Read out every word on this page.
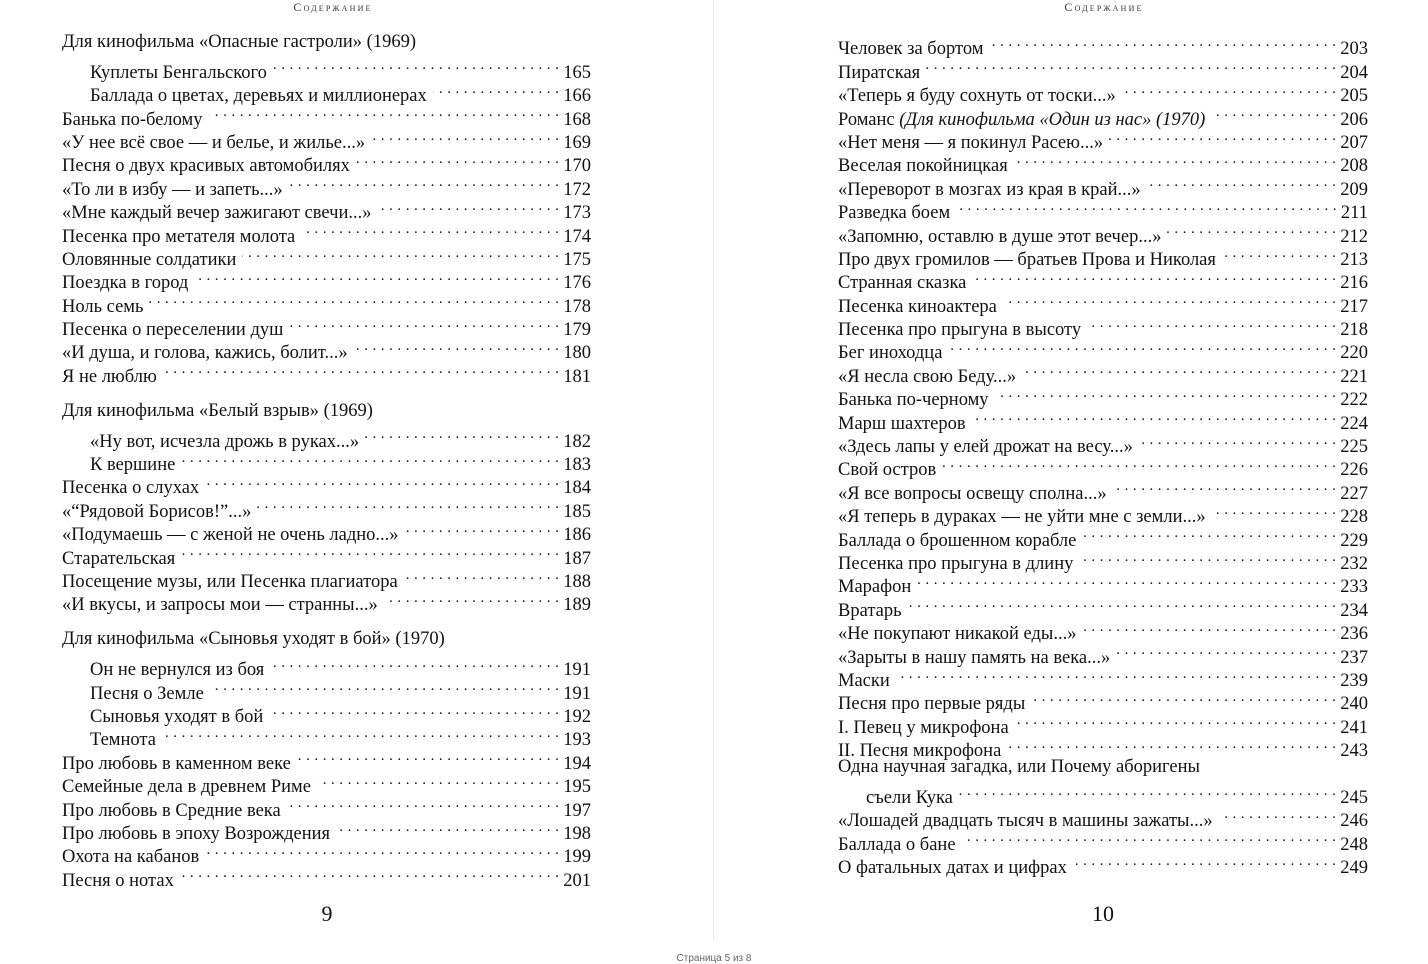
Содержание
Для кинофильма «Опасные гастроли» (1969)
Куплеты Бенгальского . . .	165
Баллада о цветах, деревьях и миллионерах . . .	166
Банька по-белому . . .	168
«У нее всё свое — и белье, и жилье...» . . .	169
Песня о двух красивых автомобилях . . .	170
«То ли в избу — и запеть...» . . .	172
«Мне каждый вечер зажигают свечи...» . . .	173
Песенка про метателя молота . . .	174
Оловянные солдатики . . .	175
Поездка в город . . .	176
Ноль семь . . .	178
Песенка о переселении душ . . .	179
«И душа, и голова, кажись, болит...» . . .	180
Я не люблю . . .	181
Для кинофильма «Белый взрыв» (1969)
«Ну вот, исчезла дрожь в руках...» . . .	182
К вершине . . .	183
Песенка о слухах . . .	184
«“Рядовой Борисов!”...» . . .	185
«Подумаешь — с женой не очень ладно...» . . .	186
Старательская . . .	187
Посещение музы, или Песенка плагиатора . . .	188
«И вкусы, и запросы мои — странны...» . . .	189
Для кинофильма «Сыновья уходят в бой» (1970)
Он не вернулся из боя . . .	191
Песня о Земле . . .	191
Сыновья уходят в бой . . .	192
Темнота . . .	193
Про любовь в каменном веке . . .	194
Семейные дела в древнем Риме . . .	195
Про любовь в Средние века . . .	197
Про любовь в эпоху Возрождения . . .	198
Охота на кабанов . . .	199
Песня о нотах . . .	201
9
Содержание
Человек за бортом . . .	203
Пиратская . . .	204
«Теперь я буду сохнуть от тоски...» . . .	205
Романс (Для кинофильма «Один из нас» (1970) . . .	206
«Нет меня — я покинул Расею...» . . .	207
Веселая покойницкая . . .	208
«Переворот в мозгах из края в край...» . . .	209
Разведка боем . . .	211
«Запомню, оставлю в душе этот вечер...» . . .	212
Про двух громилов — братьев Прова и Николая . . .	213
Странная сказка . . .	216
Песенка киноактера . . .	217
Песенка про прыгуна в высоту . . .	218
Бег иноходца . . .	220
«Я несла свою Беду...» . . .	221
Банька по-черному . . .	222
Марш шахтеров . . .	224
«Здесь лапы у елей дрожат на весу...» . . .	225
Свой остров . . .	226
«Я все вопросы освещу сполна...» . . .	227
«Я теперь в дураках — не уйти мне с земли...» . . .	228
Баллада о брошенном корабле . . .	229
Песенка про прыгуна в длину . . .	232
Марафон . . .	233
Вратарь . . .	234
«Не покупают никакой еды...» . . .	236
«Зарыты в нашу память на века...» . . .	237
Маски . . .	239
Песня про первые ряды . . .	240
I. Певец у микрофона . . .	241
II. Песня микрофона . . .	243
Одна научная загадка, или Почему аборигены
съели Кука . . .	245
«Лошадей двадцать тысяч в машины зажаты...» . . .	246
Баллада о бане . . .	248
О фатальных датах и цифрах . . .	249
10
Страница 5 из 8
